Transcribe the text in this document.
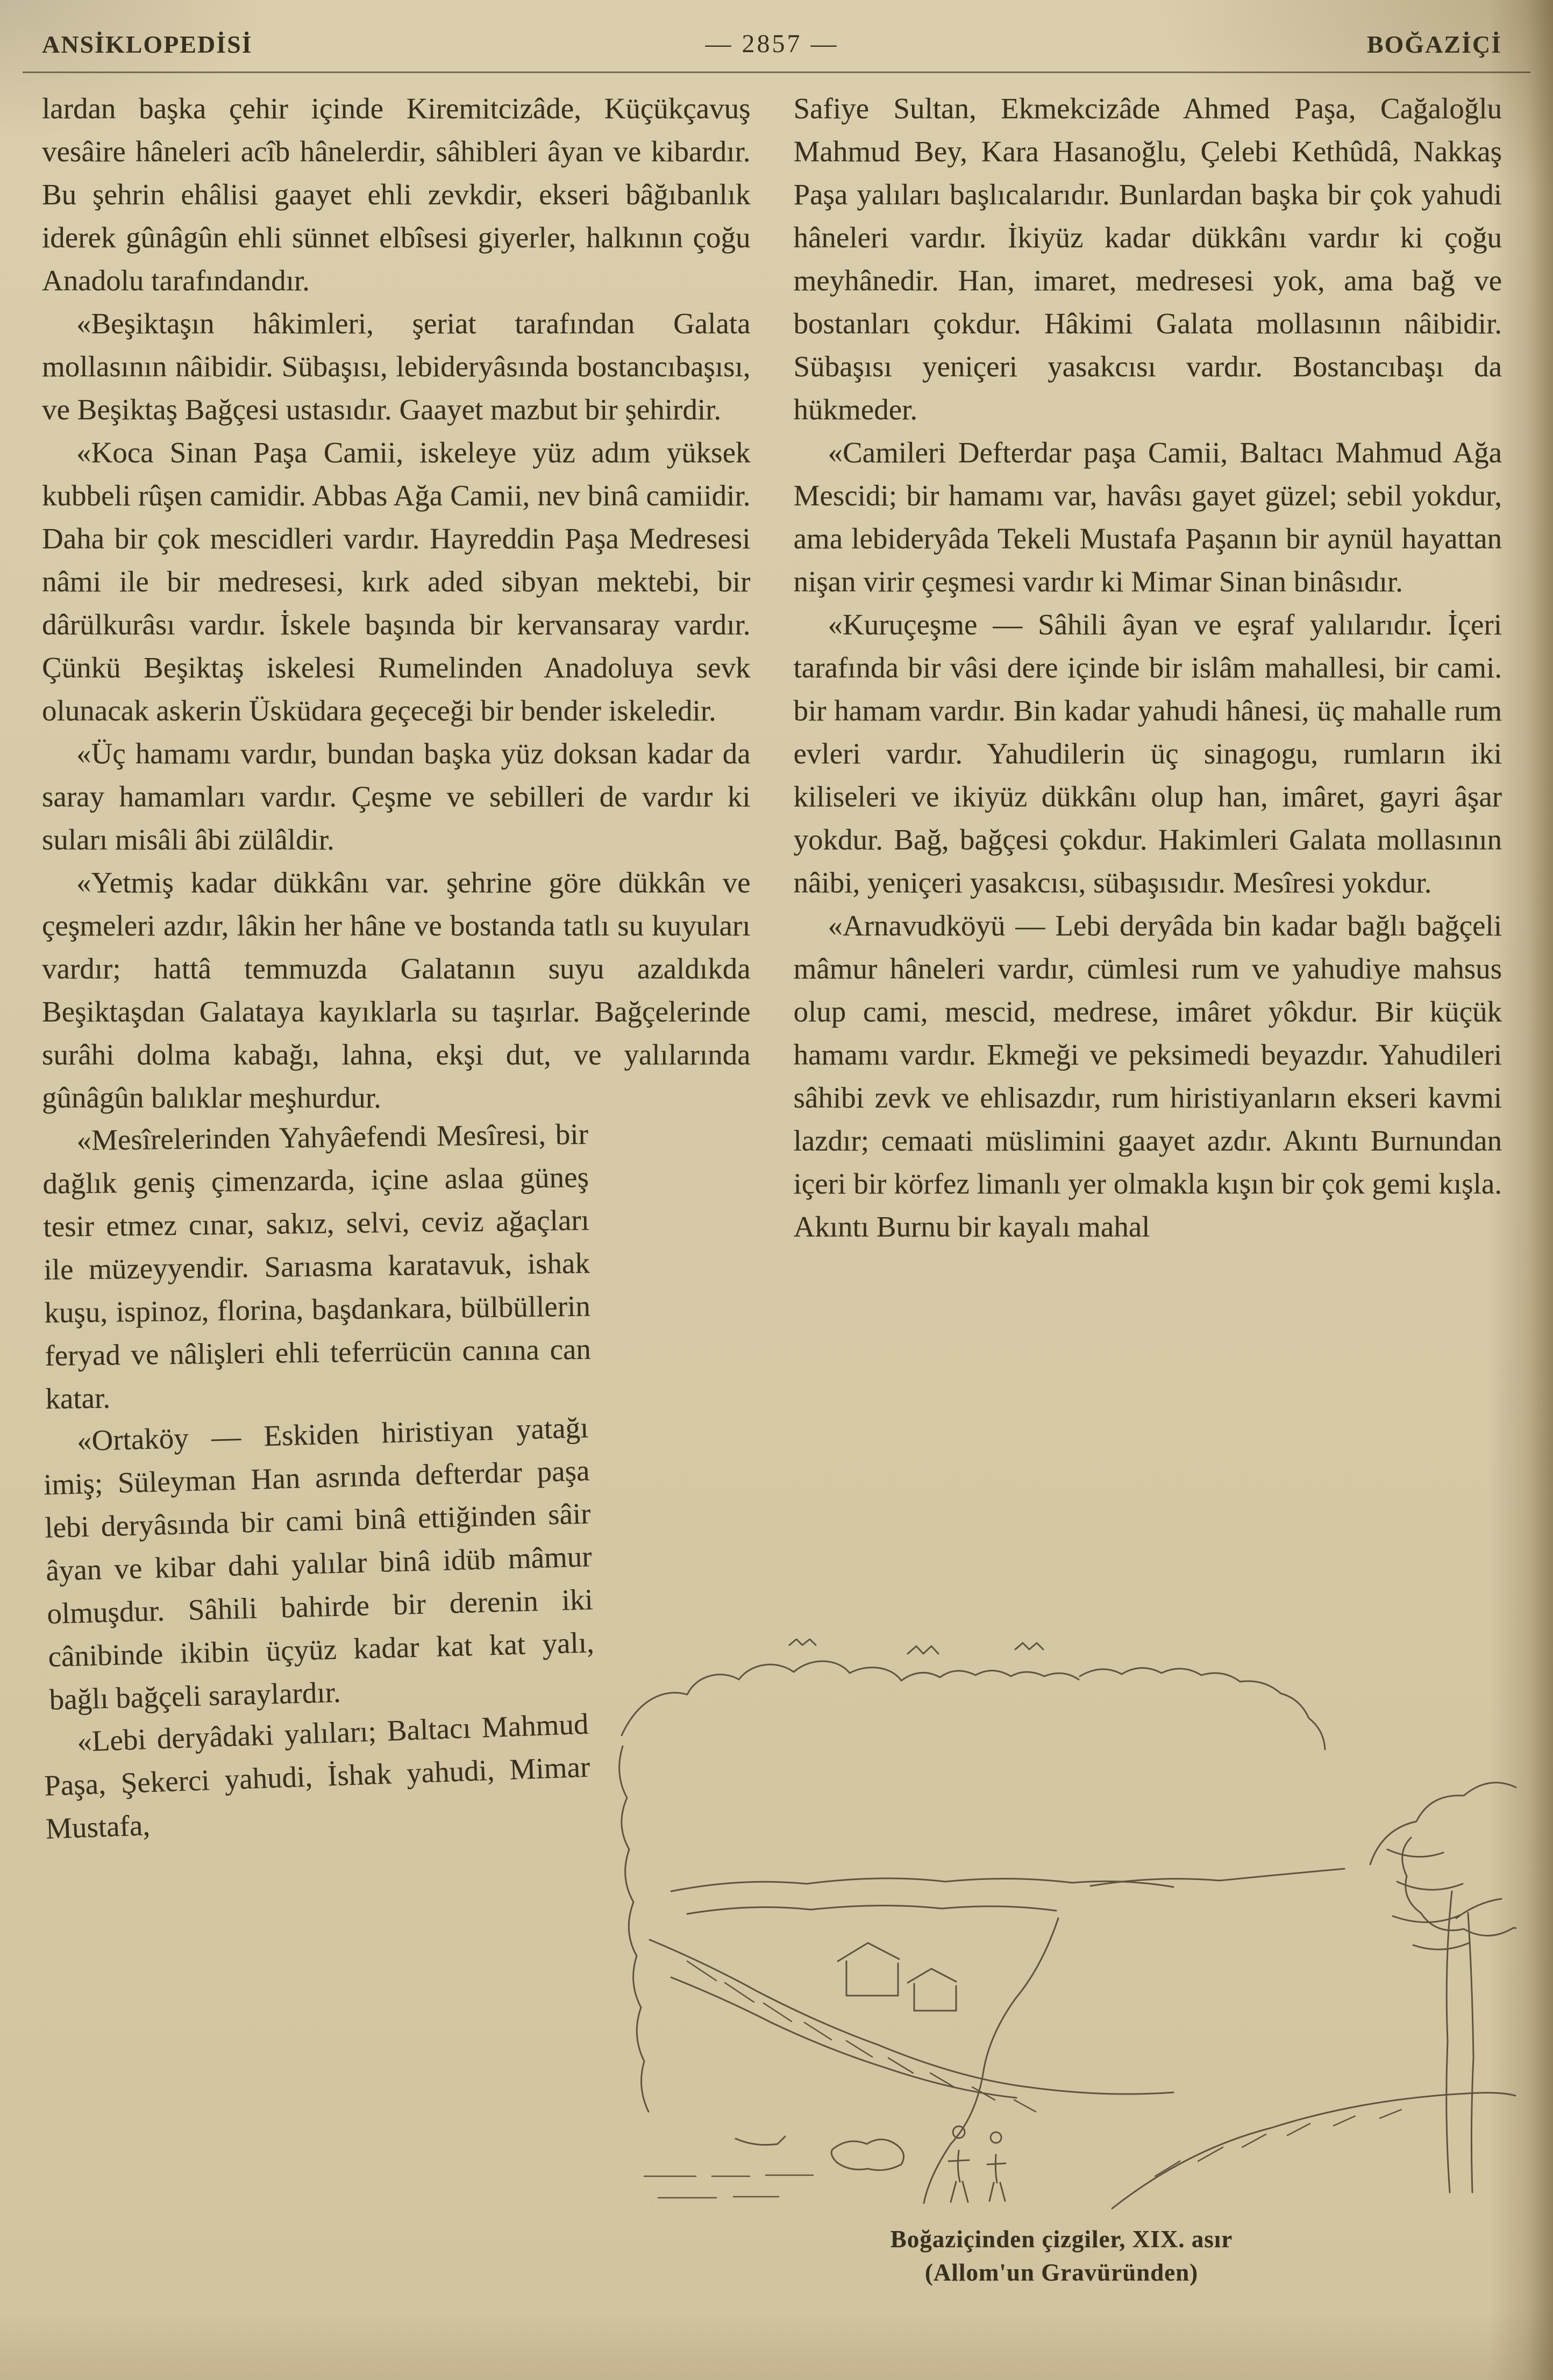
ANSİKLOPEDİSİ	— 2857 —	BOĞAZİÇİ

lardan başka çehir içinde Kiremitcizâde, Küçükçavuş vesâire hâneleri acîb hânelerdir, sâhibleri âyan ve kibardır. Bu şehrin ehâlisi gaayet ehli zevkdir, ekseri bâğıbanlık iderek gûnâgûn ehli sünnet elbîsesi giyerler, halkının çoğu Anadolu tarafındandır.

«Beşiktaşın hâkimleri, şeriat tarafından Galata mollasının nâibidir. Sübaşısı, lebideryâsında bostancıbaşısı, ve Beşiktaş Bağçesi ustasıdır. Gaayet mazbut bir şehirdir.

«Koca Sinan Paşa Camii, iskeleye yüz adım yüksek kubbeli rûşen camidir. Abbas Ağa Camii, nev binâ camiidir. Daha bir çok mescidleri vardır. Hayreddin Paşa Medresesi nâmi ile bir medresesi, kırk aded sibyan mektebi, bir dârülkurâsı vardır. İskele başında bir kervansaray vardır. Çünkü Beşiktaş iskelesi Rumelinden Anadoluya sevk olunacak askerin Üsküdara geçeceği bir bender iskeledir.

«Üç hamamı vardır, bundan başka yüz doksan kadar da saray hamamları vardır. Çeşme ve sebilleri de vardır ki suları misâli âbi zülâldir.

«Yetmiş kadar dükkânı var. şehrine göre dükkân ve çeşmeleri azdır, lâkin her hâne ve bostanda tatlı su kuyuları vardır; hattâ temmuzda Galatanın suyu azaldıkda Beşiktaşdan Galataya kayıklarla su taşırlar. Bağçelerinde surâhi dolma kabağı, lahna, ekşi dut, ve yalılarında gûnâgûn balıklar meşhurdur.

«Mesîrelerinden Yahyâefendi Mesîresi, bir dağlık geniş çimenzarda, içine aslaa güneş tesir etmez cınar, sakız, selvi, ceviz ağaçları ile müzeyyendir. Sarıasma karatavuk, ishak kuşu, ispinoz, florina, başdankara, bülbüllerin feryad ve nâlişleri ehli teferrücün canına can katar.

«Ortaköy — Eskiden hiristiyan yatağı imiş; Süleyman Han asrında defterdar paşa lebi deryâsında bir cami binâ ettiğinden sâir âyan ve kibar dahi yalılar binâ idüb mâmur olmuşdur. Sâhili bahirde bir derenin iki cânibinde ikibin üçyüz kadar kat kat yalı, bağlı bağçeli saraylardır.

«Lebi deryâdaki yalıları; Baltacı Mahmud Paşa, Şekerci yahudi, İshak yahudi, Mimar Mustafa,

Safiye Sultan, Ekmekcizâde Ahmed Paşa, Cağaloğlu Mahmud Bey, Kara Hasanoğlu, Çelebi Kethûdâ, Nakkaş Paşa yalıları başlıcalarıdır. Bunlardan başka bir çok yahudi hâneleri vardır. İkiyüz kadar dükkânı vardır ki çoğu meyhânedir. Han, imaret, medresesi yok, ama bağ ve bostanları çokdur. Hâkimi Galata mollasının nâibidir. Sübaşısı yeniçeri yasakcısı vardır. Bostancıbaşı da hükmeder.

«Camileri Defterdar paşa Camii, Baltacı Mahmud Ağa Mescidi; bir hamamı var, havâsı gayet güzel; sebil yokdur, ama lebideryâda Tekeli Mustafa Paşanın bir aynül hayattan nişan virir çeşmesi vardır ki Mimar Sinan binâsıdır.

«Kuruçeşme — Sâhili âyan ve eşraf yalılarıdır. İçeri tarafında bir vâsi dere içinde bir islâm mahallesi, bir cami. bir hamam vardır. Bin kadar yahudi hânesi, üç mahalle rum evleri vardır. Yahudilerin üç sinagogu, rumların iki kiliseleri ve ikiyüz dükkânı olup han, imâret, gayri âşar yokdur. Bağ, bağçesi çokdur. Hakimleri Galata mollasının nâibi, yeniçeri yasakcısı, sübaşısıdır. Mesîresi yokdur.

«Arnavudköyü — Lebi deryâda bin kadar bağlı bağçeli mâmur hâneleri vardır, cümlesi rum ve yahudiye mahsus olup cami, mescid, medrese, imâret yôkdur. Bir küçük hamamı vardır. Ekmeği ve peksimedi beyazdır. Yahudileri sâhibi zevk ve ehlisazdır, rum hiristiyanların ekseri kavmi lazdır; cemaati müslimini gaayet azdır. Akıntı Burnundan içeri bir körfez limanlı yer olmakla kışın bir çok gemi kışla. Akıntı Burnu bir kayalı mahal

Boğaziçinden çizgiler, XIX. asır
(Allom'un Gravüründen)
